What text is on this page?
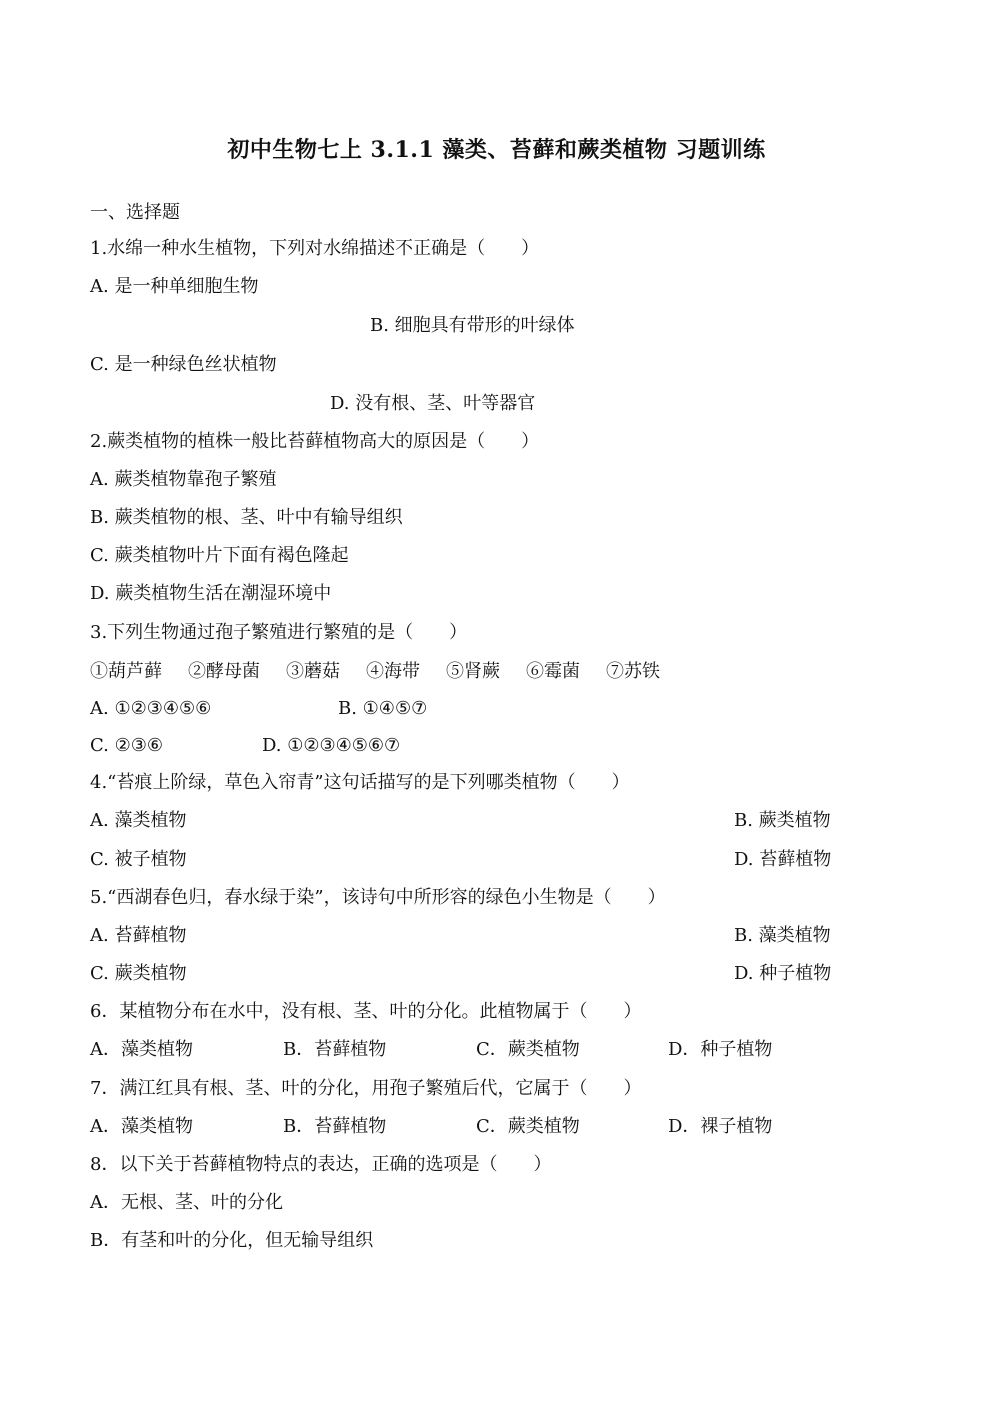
初中生物七上 3.1.1 藻类、苔藓和蕨类植物 习题训练
一、选择题
1.水绵一种水生植物，下列对水绵描述不正确是（　　）
A. 是一种单细胞生物
B. 细胞具有带形的叶绿体
C. 是一种绿色丝状植物
D. 没有根、茎、叶等器官
2.蕨类植物的植株一般比苔藓植物高大的原因是（　　）
A. 蕨类植物靠孢子繁殖
B. 蕨类植物的根、茎、叶中有输导组织
C. 蕨类植物叶片下面有褐色隆起
D. 蕨类植物生活在潮湿环境中
3.下列生物通过孢子繁殖进行繁殖的是（　　）
①葫芦藓 ②酵母菌 ③蘑菇 ④海带 ⑤肾蕨 ⑥霉菌 ⑦苏铁
A. ①②③④⑤⑥	B. ①④⑤⑦
C. ②③⑥	D. ①②③④⑤⑥⑦
4.“苔痕上阶绿，草色入帘青”这句话描写的是下列哪类植物（　　）
A. 藻类植物	B. 蕨类植物
C. 被子植物	D. 苔藓植物
5.“西湖春色归，春水绿于染”，该诗句中所形容的绿色小生物是（　　）
A. 苔藓植物	B. 藻类植物
C. 蕨类植物	D. 种子植物
6．某植物分布在水中，没有根、茎、叶的分化。此植物属于（　　）
A．藻类植物	B．苔藓植物	C．蕨类植物	D．种子植物
7．满江红具有根、茎、叶的分化，用孢子繁殖后代，它属于（　　）
A．藻类植物	B．苔藓植物	C．蕨类植物	D．裸子植物
8．以下关于苔藓植物特点的表达，正确的选项是（　　）
A．无根、茎、叶的分化
B．有茎和叶的分化，但无输导组织
